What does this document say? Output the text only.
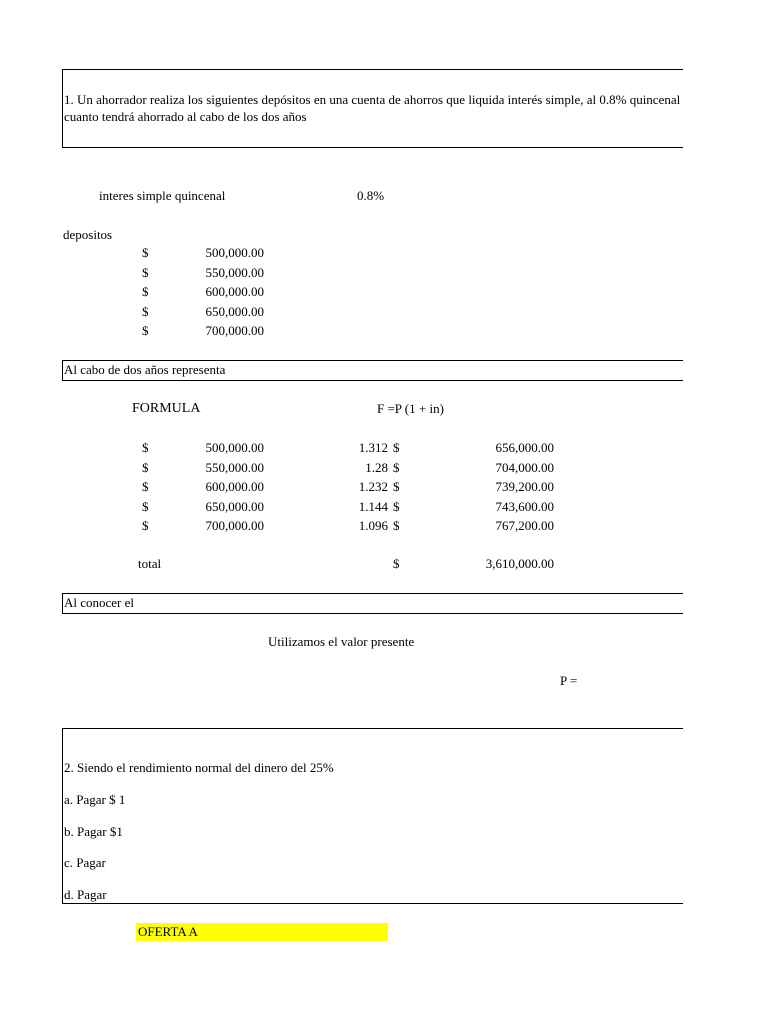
1. Un ahorrador realiza los siguientes depósitos en una cuenta de ahorros que liquida interés simple, al 0.8% quincenal
cuanto tendrá ahorrado al cabo de los dos años
interes simple quincenal	0.8%
depositos
$	500,000.00
$	550,000.00
$	600,000.00
$	650,000.00
$	700,000.00
Al cabo de dos años representa
FORMULA	F =P (1 + in)
$	500,000.00	1.312 $	656,000.00
$	550,000.00	1.28 $	704,000.00
$	600,000.00	1.232 $	739,200.00
$	650,000.00	1.144 $	743,600.00
$	700,000.00	1.096 $	767,200.00
total	$	3,610,000.00
Al conocer el
Utilizamos el valor presente
P =
2. Siendo el rendimiento normal del dinero del 25%
a. Pagar $ 1
b. Pagar $1
c. Pagar
d. Pagar
OFERTA A
